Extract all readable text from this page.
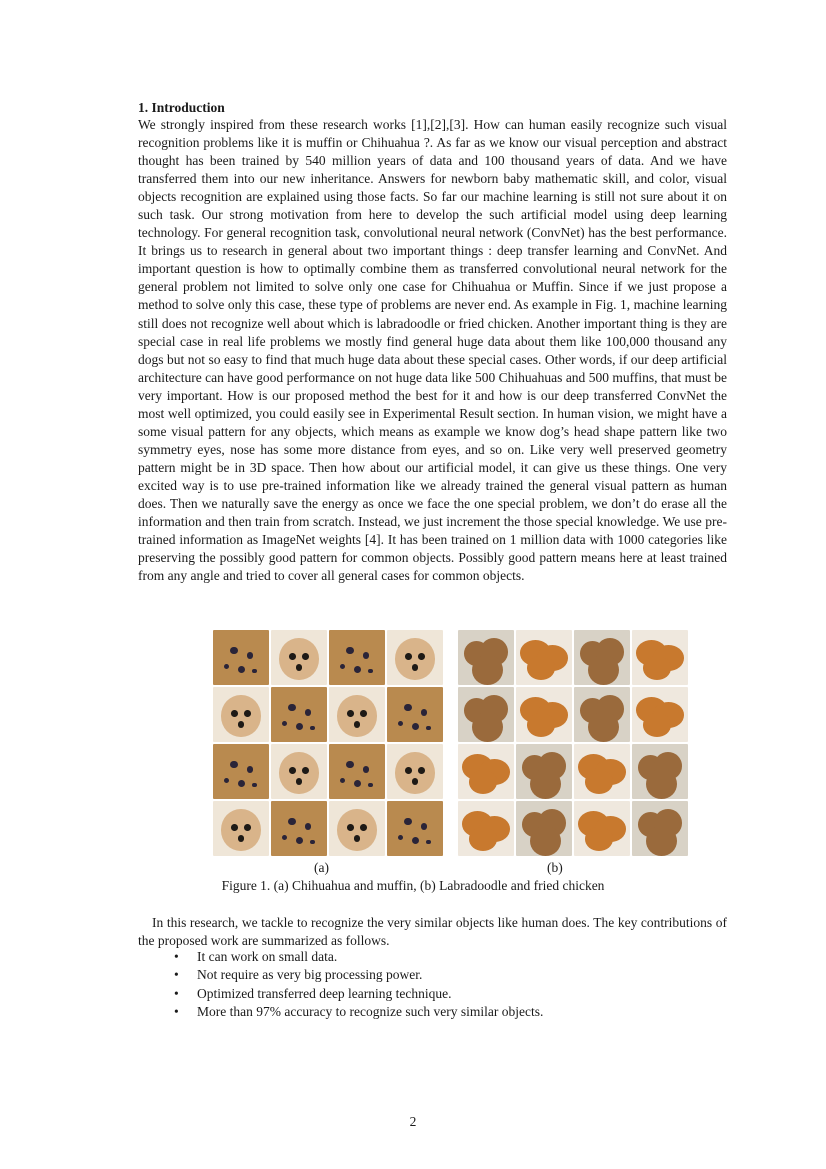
1. Introduction

We strongly inspired from these research works [1],[2],[3]. How can human easily recognize such visual recognition problems like it is muffin or Chihuahua ?. As far as we know our visual perception and abstract thought has been trained by 540 million years of data and 100 thousand years of data. And we have transferred them into our new inheritance. Answers for newborn baby mathematic skill, and color, visual objects recognition are explained using those facts. So far our machine learning is still not sure about it on such task. Our strong motivation from here to develop the such artificial model using deep learning technology. For general recognition task, convolutional neural network (ConvNet) has the best performance. It brings us to research in general about two important things : deep transfer learning and ConvNet. And important question is how to optimally combine them as transferred convolutional neural network for the general problem not limited to solve only one case for Chihuahua or Muffin. Since if we just propose a method to solve only this case, these type of problems are never end. As example in Fig. 1, machine learning still does not recognize well about which is labradoodle or fried chicken. Another important thing is they are special case in real life problems we mostly find general huge data about them like 100,000 thousand any dogs but not so easy to find that much huge data about these special cases. Other words, if our deep artificial architecture can have good performance on not huge data like 500 Chihuahuas and 500 muffins, that must be very important. How is our proposed method the best for it and how is our deep transferred ConvNet the most well optimized, you could easily see in Experimental Result section. In human vision, we might have a some visual pattern for any objects, which means as example we know dog’s head shape pattern like two symmetry eyes, nose has some more distance from eyes, and so on. Like very well preserved geometry pattern might be in 3D space. Then how about our artificial model, it can give us these things. One very excited way is to use pre-trained information like we already trained the general visual pattern as human does. Then we naturally save the energy as once we face the one special problem, we don’t do erase all the information and then train from scratch. Instead, we just increment the those special knowledge. We use pre-trained information as ImageNet weights [4]. It has been trained on 1 million data with 1000 categories like preserving the possibly good pattern for common objects. Possibly good pattern means here at least trained from any angle and tried to cover all general cases for common objects.

(a)	(b)
Figure 1. (a) Chihuahua and muffin, (b) Labradoodle and fried chicken

In this research, we tackle to recognize the very similar objects like human does. The key contributions of the proposed work are summarized as follows.

• It can work on small data.
• Not require as very big processing power.
• Optimized transferred deep learning technique.
• More than 97% accuracy to recognize such very similar objects.
2
